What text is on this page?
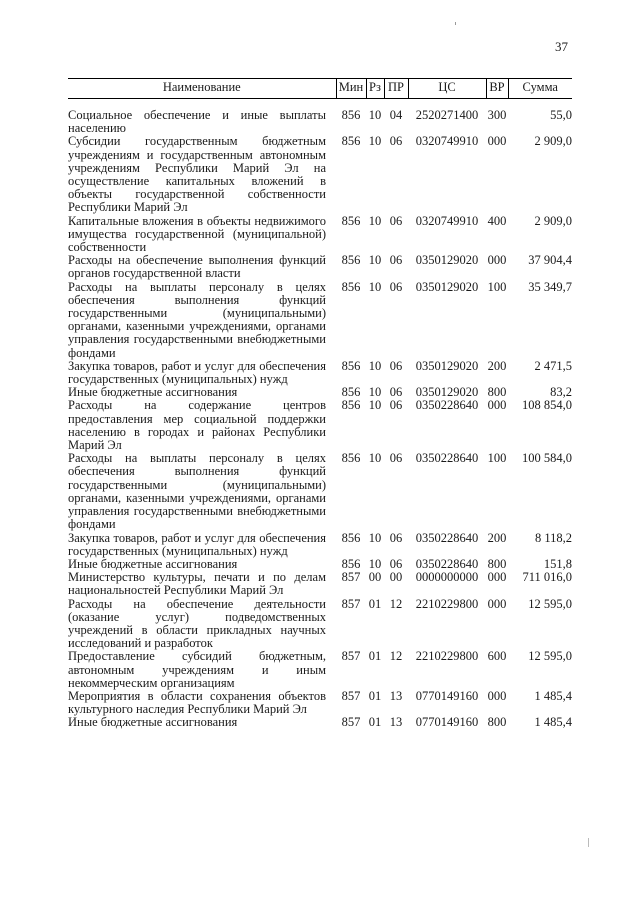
37
Наименование	Мин	Рз	ПР	ЦС	ВР	Сумма
Социальное обеспечение и иные выплаты населению	856	10	04	2520271400	300	55,0
Субсидии государственным бюджетным учреждениям и государственным автономным учреждениям Республики Марий Эл на осуществление капитальных вложений в объекты государственной собственности Республики Марий Эл	856	10	06	0320749910	000	2 909,0
Капитальные вложения в объекты недвижимого имущества государственной (муниципальной) собственности	856	10	06	0320749910	400	2 909,0
Расходы на обеспечение выполнения функций органов государственной власти	856	10	06	0350129020	000	37 904,4
Расходы на выплаты персоналу в целях обеспечения выполнения функций государственными (муниципальными) органами, казенными учреждениями, органами управления государственными внебюджетными фондами	856	10	06	0350129020	100	35 349,7
Закупка товаров, работ и услуг для обеспечения государственных (муниципальных) нужд	856	10	06	0350129020	200	2 471,5
Иные бюджетные ассигнования	856	10	06	0350129020	800	83,2
Расходы на содержание центров предоставления мер социальной поддержки населению в городах и районах Республики Марий Эл	856	10	06	0350228640	000	108 854,0
Расходы на выплаты персоналу в целях обеспечения выполнения функций государственными (муниципальными) органами, казенными учреждениями, органами управления государственными внебюджетными фондами	856	10	06	0350228640	100	100 584,0
Закупка товаров, работ и услуг для обеспечения государственных (муниципальных) нужд	856	10	06	0350228640	200	8 118,2
Иные бюджетные ассигнования	856	10	06	0350228640	800	151,8
Министерство культуры, печати и по делам национальностей Республики Марий Эл	857	00	00	0000000000	000	711 016,0
Расходы на обеспечение деятельности (оказание услуг) подведомственных учреждений в области прикладных научных исследований и разработок	857	01	12	2210229800	000	12 595,0
Предоставление субсидий бюджетным, автономным учреждениям и иным некоммерческим организациям	857	01	12	2210229800	600	12 595,0
Мероприятия в области сохранения объектов культурного наследия Республики Марий Эл	857	01	13	0770149160	000	1 485,4
Иные бюджетные ассигнования	857	01	13	0770149160	800	1 485,4
